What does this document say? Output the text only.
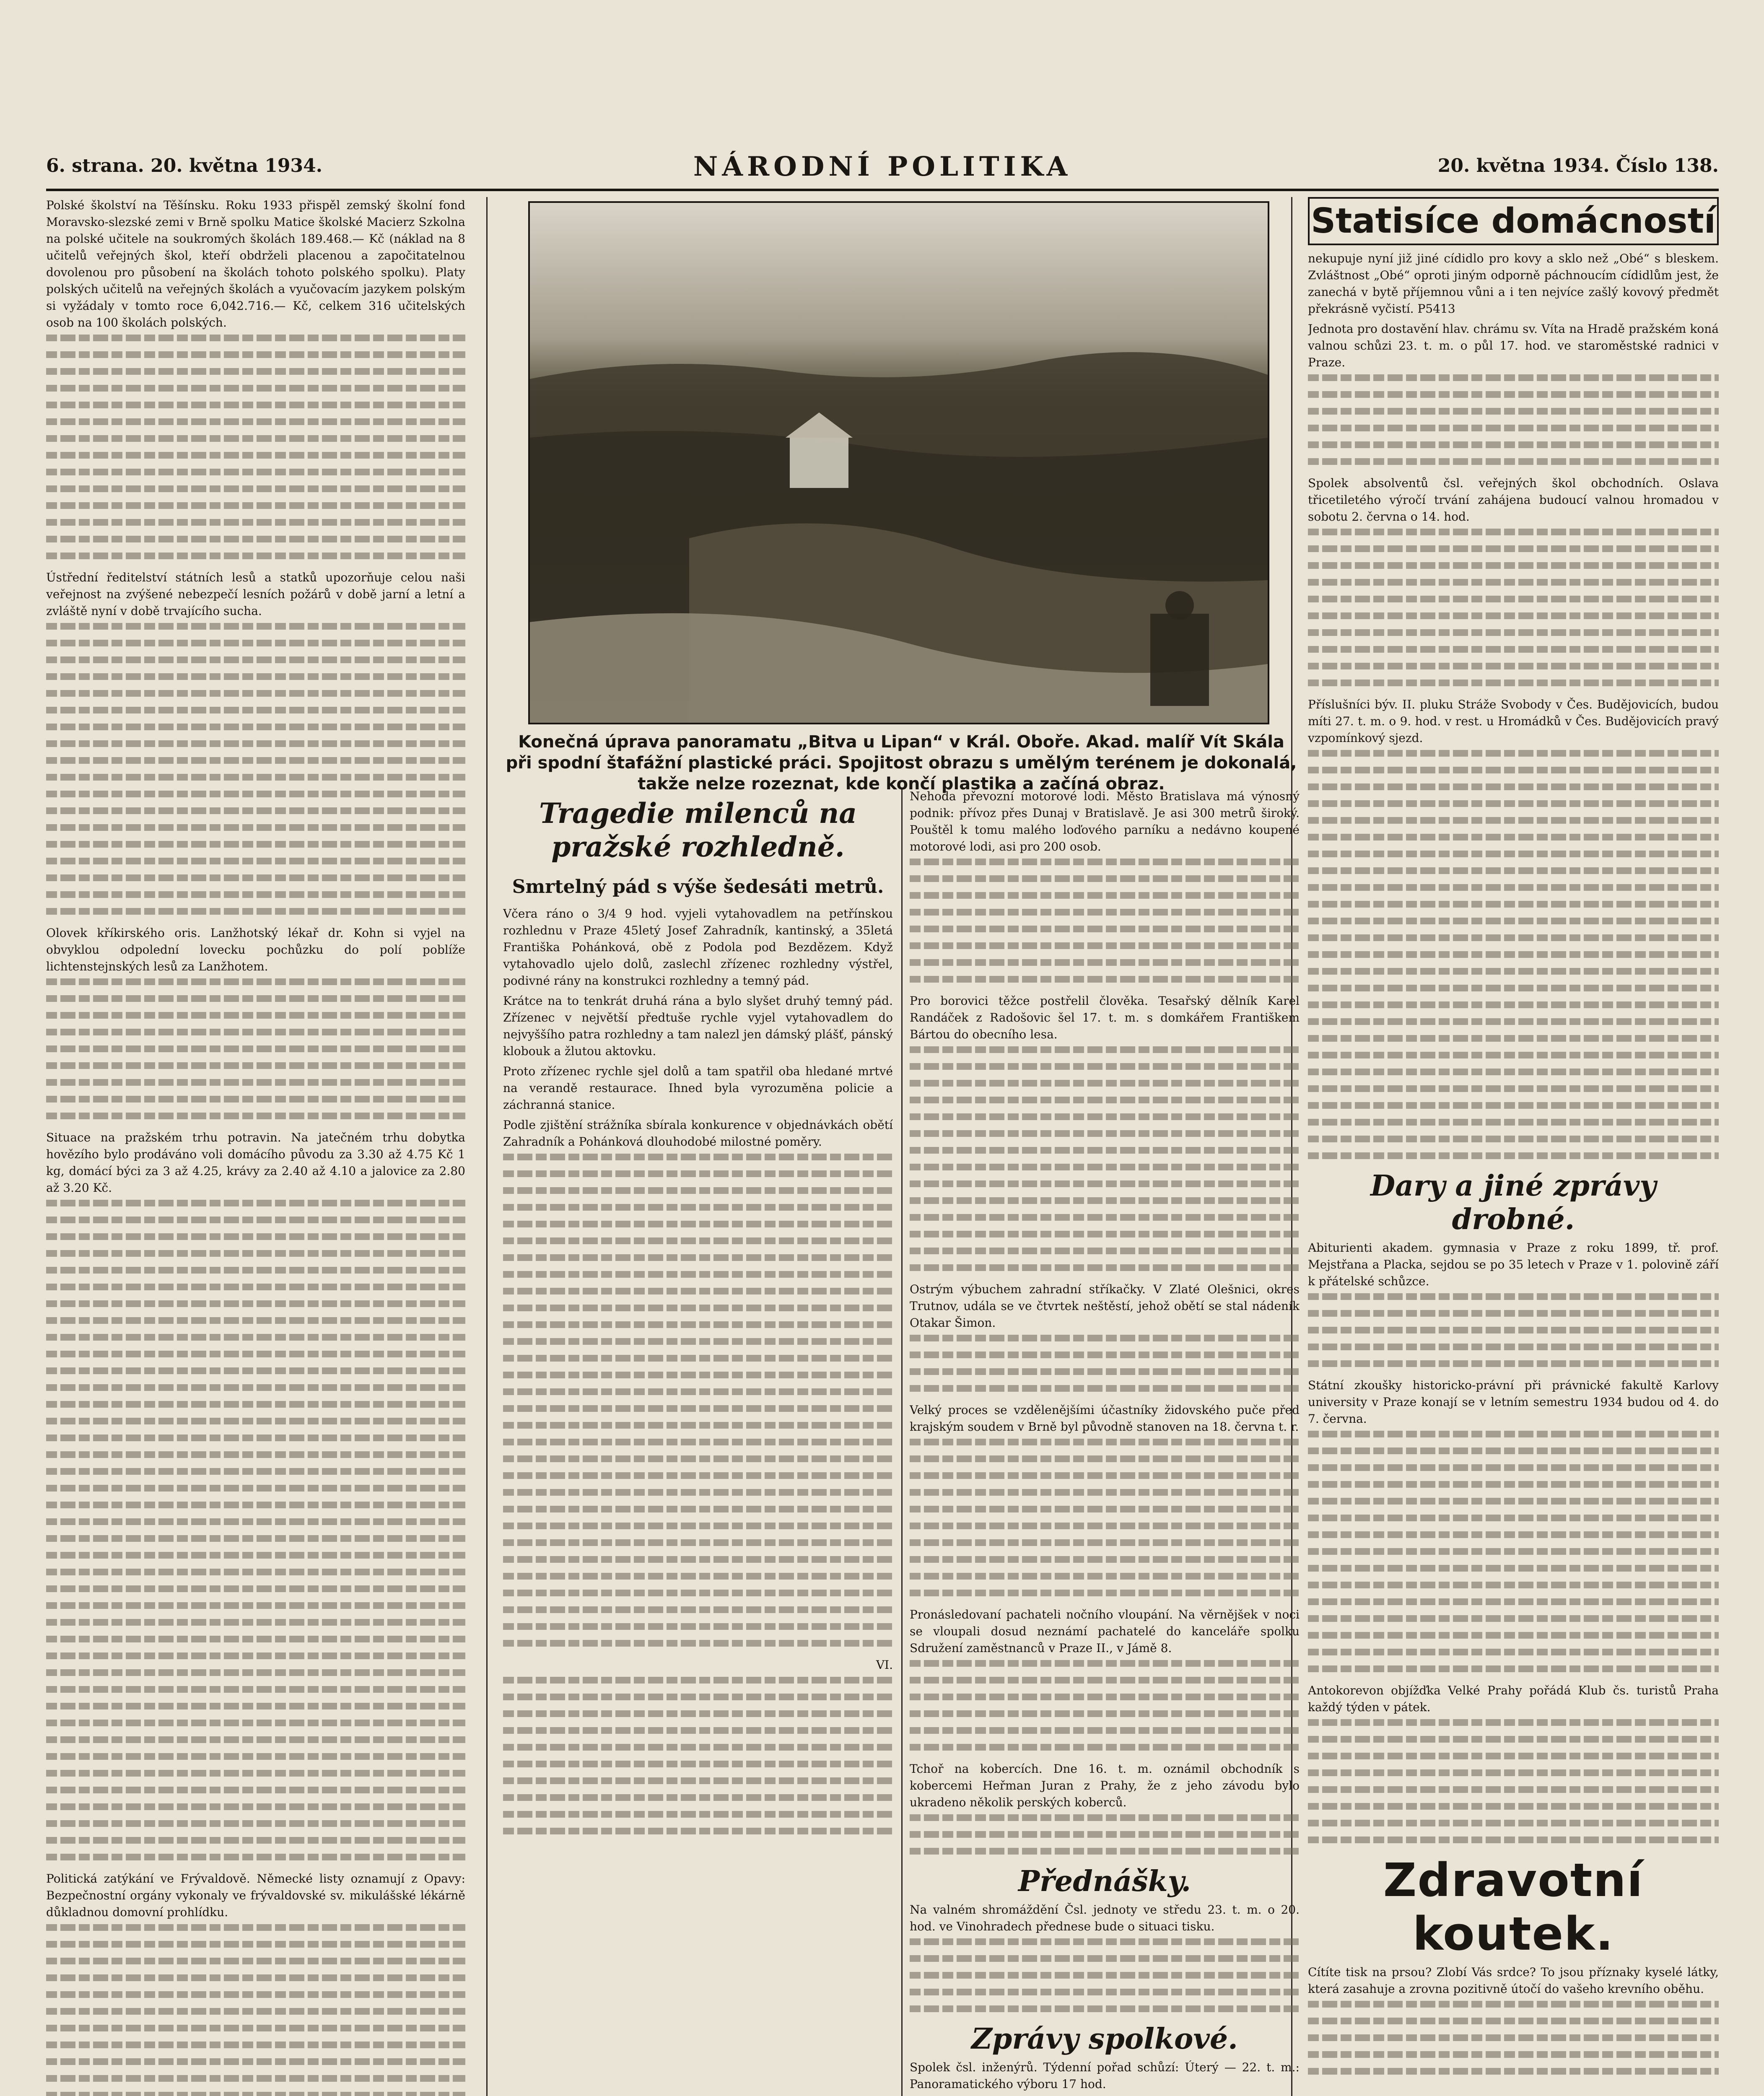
6. strana. 20. května 1934.	NÁRODNÍ POLITIKA	20. května 1934. Číslo 138.

Polské školství na Těšínsku. Roku 1933 přispěl zemský školní fond Moravsko-slezské zemi v Brně spolku Matice školské Macierz Szkolna na polské učitele na soukromých školách 189.468.— Kč (náklad na 8 učitelů veřejných škol, kteří obdrželi placenou a započitatelnou dovolenou pro působení na školách tohoto polského spolku). Platy polských učitelů na veřejných školách a vyučovacím jazykem polským si vyžádaly v tomto roce 6,042.716.— Kč, celkem 316 učitelských osob na 100 školách polských.

Ústřední ředitelství státních lesů a statků upozorňuje celou naši veřejnost na zvýšené nebezpečí lesních požárů v době jarní a letní a zvláště nyní v době trvajícího sucha.

Olovek kříkirského oris. Lanžhotský lékař dr. Kohn si vyjel na obvyklou odpolední lovecku pochůzku do polí poblíže lichtenstejnských lesů za Lanžhotem.

Situace na pražském trhu potravin. Na jatečném trhu dobytka hovězího bylo prodáváno voli domácího původu za 3.30 až 4.75 Kč 1 kg, domácí býci za 3 až 4.25, krávy za 2.40 až 4.10 a jalovice za 2.80 až 3.20 Kč.

Politická zatýkání ve Frývaldově. Německé listy oznamují z Opavy: Bezpečnostní orgány vykonaly ve frývaldovské sv. mikulášské lékárně důkladnou domovní prohlídku.

Konečná úprava panoramatu „Bitva u Lipan“ v Král. Oboře. Akad. malíř Vít Skála při spodní štafážní plastické práci. Spojitost obrazu s umělým terénem je dokonalá, takže nelze rozeznat, kde končí plastika a začíná obraz.
Tragedie milenců na pražské rozhledně.
Smrtelný pád s výše šedesáti metrů.

Včera ráno o 3/4 9 hod. vyjeli vytahovadlem na petřínskou rozhlednu v Praze 45letý Josef Zahradník, kantinský, a 35letá Františka Pohánková, obě z Podola pod Bezdězem. Když vytahovadlo ujelo dolů, zaslechl zřízenec rozhledny výstřel, podivné rány na konstrukci rozhledny a temný pád.

Krátce na to tenkrát druhá rána a bylo slyšet druhý temný pád. Zřízenec v největší předtuše rychle vyjel vytahovadlem do nejvyššího patra rozhledny a tam nalezl jen dámský plášť, pánský klobouk a žlutou aktovku.

Proto zřízenec rychle sjel dolů a tam spatřil oba hledané mrtvé na verandě restaurace. Ihned byla vyrozuměna policie a záchranná stanice.

Podle zjištění strážníka sbírala konkurence v objednávkách obětí Zahradník a Pohánková dlouhodobé milostné poměry.

VI.

Nehoda převozní motorové lodi. Město Bratislava má výnosný podnik: přívoz přes Dunaj v Bratislavě. Je asi 300 metrů široký. Pouštěl k tomu malého loďového parníku a nedávno koupené motorové lodi, asi pro 200 osob.

Pro borovici těžce postřelil člověka. Tesařský dělník Karel Randáček z Radošovic šel 17. t. m. s domkářem Františkem Bártou do obecního lesa.

Ostrým výbuchem zahradní stříkačky. V Zlaté Olešnici, okres Trutnov, udála se ve čtvrtek neštěstí, jehož obětí se stal nádeník Otakar Šimon.

Velký proces se vzdělenějšími účastníky židovského puče před krajským soudem v Brně byl původně stanoven na 18. června t. r.

Pronásledovaní pachateli nočního vloupání. Na věrnějšek v noci se vloupali dosud neznámí pachatelé do kanceláře spolku Sdružení zaměstnanců v Praze II., v Jámě 8.

Tchoř na kobercích. Dne 16. t. m. oznámil obchodník s kobercemi Heřman Juran z Prahy, že z jeho závodu bylo ukradeno několik perských koberců.

Přednášky.

Na valném shromáždění Čsl. jednoty ve středu 23. t. m. o 20. hod. ve Vinohradech přednese bude o situaci tisku.

Zprávy spolkové.

Spolek čsl. inženýrů. Týdenní pořad schůzí: Úterý — 22. t. m.: Panoramatického výboru 17 hod.

Statisíce domácností

nekupuje nyní již jiné cídidlo pro kovy a sklo než „Obé“ s bleskem. Zvláštnost „Obé“ oproti jiným odporně páchnoucím cídidlům jest, že zanechá v bytě příjemnou vůni a i ten nejvíce zašlý kovový předmět překrásně vyčistí. P5413

Jednota pro dostavění hlav. chrámu sv. Víta na Hradě pražském koná valnou schůzi 23. t. m. o půl 17. hod. ve staroměstské radnici v Praze.

Spolek absolventů čsl. veřejných škol obchodních. Oslava třicetiletého výročí trvání zahájena budoucí valnou hromadou v sobotu 2. června o 14. hod.

Příslušníci býv. II. pluku Stráže Svobody v Čes. Budějovicích, budou míti 27. t. m. o 9. hod. v rest. u Hromádků v Čes. Budějovicích pravý vzpomínkový sjezd.

Dary a jiné zprávy drobné.

Abiturienti akadem. gymnasia v Praze z roku 1899, tř. prof. Mejstřana a Placka, sejdou se po 35 letech v Praze v 1. polovině září k přátelské schůzce.

Státní zkoušky historicko-právní při právnické fakultě Karlovy university v Praze konají se v letním semestru 1934 budou od 4. do 7. června.

Antokorevon objížďka Velké Prahy pořádá Klub čs. turistů Praha každý týden v pátek.

Zdravotní koutek.

Cítíte tisk na prsou? Zlobí Vás srdce? To jsou příznaky kyselé látky, která zasahuje a zrovna pozitivně útočí do vašeho krevního oběhu.
